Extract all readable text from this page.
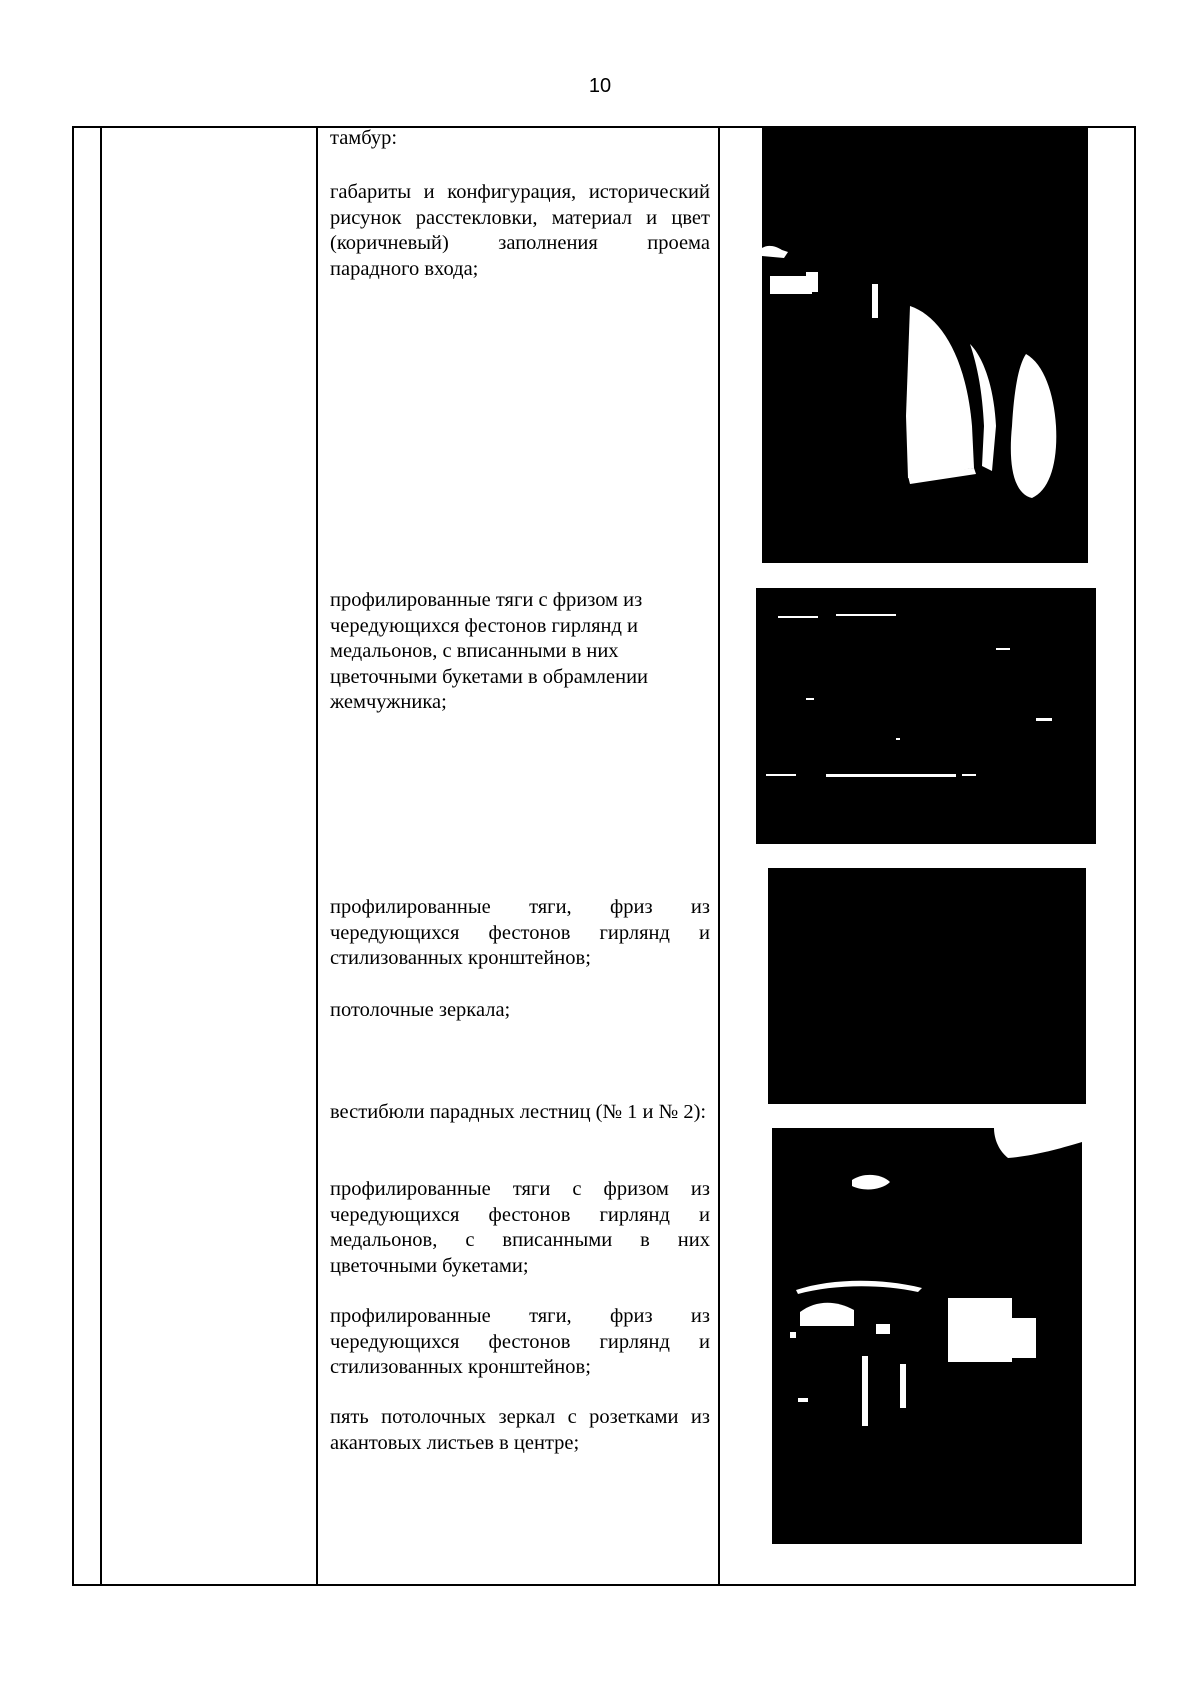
10
тамбур:
габариты и конфигурация, исторический рисунок расстекловки, материал и цвет (коричневый) заполнения проема парадного входа;
профилированные тяги с фризом из
чередующихся фестонов гирлянд и
медальонов, с вписанными в них
цветочными букетами в обрамлении
жемчужника;
профилированные тяги, фриз из чередующихся фестонов гирлянд и стилизованных кронштейнов;
потолочные зеркала;
вестибюли парадных лестниц (№ 1 и № 2):
профилированные тяги с фризом из чередующихся фестонов гирлянд и медальонов, с вписанными в них цветочными букетами;
профилированные тяги, фриз из чередующихся фестонов гирлянд и стилизованных кронштейнов;
пять потолочных зеркал с розетками из акантовых листьев в центре;
